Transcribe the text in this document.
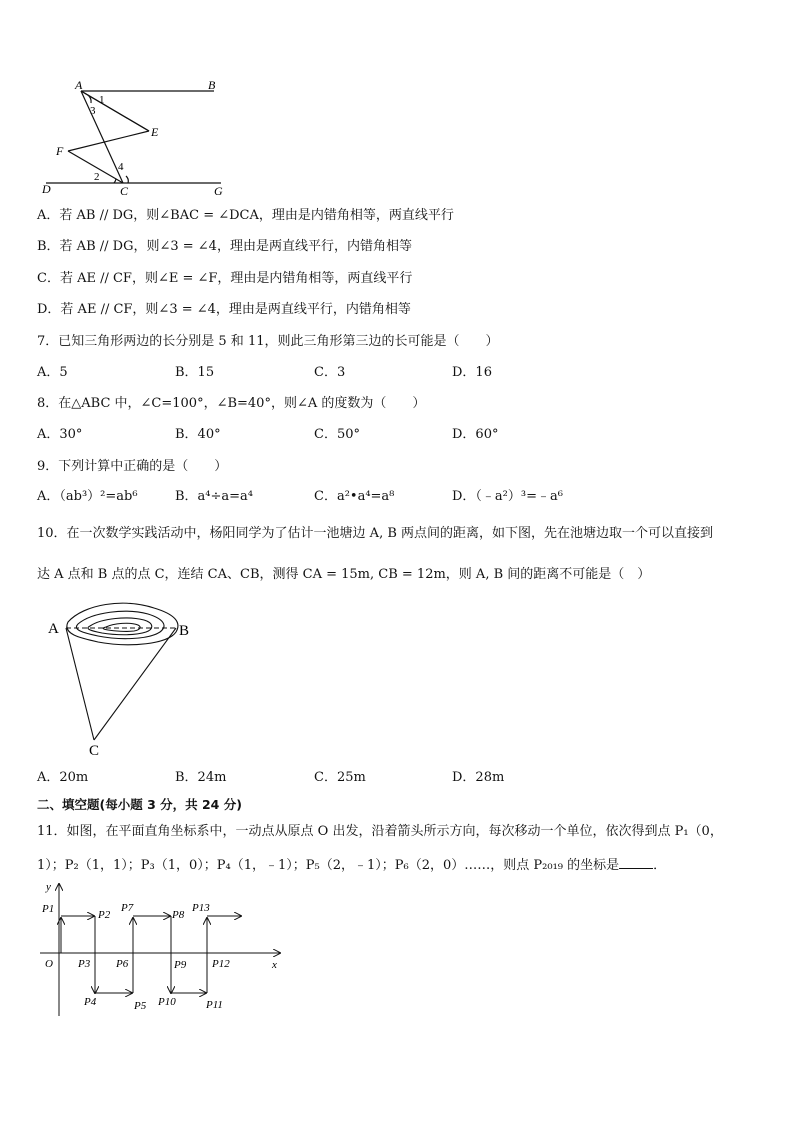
A	B
D	C	G
E
F
1
3
2
4
A．若 AB // DG，则∠BAC = ∠DCA，理由是内错角相等，两直线平行
B．若 AB // DG，则∠3 = ∠4，理由是两直线平行，内错角相等
C．若 AE // CF，则∠E = ∠F，理由是内错角相等，两直线平行
D．若 AE // CF，则∠3 = ∠4，理由是两直线平行，内错角相等
7．已知三角形两边的长分别是 5 和 11，则此三角形第三边的长可能是（　　）
A．5	B．15	C．3	D．16
8．在△ABC 中，∠C=100°，∠B=40°，则∠A 的度数为（　　）
A．30°	B．40°	C．50°	D．60°
9．下列计算中正确的是（　　）
A．（ab³）²=ab⁶	B．a⁴÷a=a⁴	C．a²•a⁴=a⁸	D．（﹣a²）³=﹣a⁶
10．在一次数学实践活动中，杨阳同学为了估计一池塘边 A, B 两点间的距离，如下图，先在池塘边取一个可以直接到
达 A 点和 B 点的点 C，连结 CA、CB，测得 CA = 15m, CB = 12m，则 A, B 间的距离不可能是（　）
A	B
C
A．20m	B．24m	C．25m	D．28m
二、填空题(每小题 3 分，共 24 分)
11．如图，在平面直角坐标系中，一动点从原点 O 出发，沿着箭头所示方向，每次移动一个单位，依次得到点 P₁（0，
1）；P₂（1，1）；P₃（1，0）；P₄（1，﹣1）；P₅（2，﹣1）；P₆（2，0）……，则点 P₂₀₁₉ 的坐标是	．
y
x
O
P1	P2
P3
P4	P5
P6
P7
P8
P9
P10	P11
P12
P13
